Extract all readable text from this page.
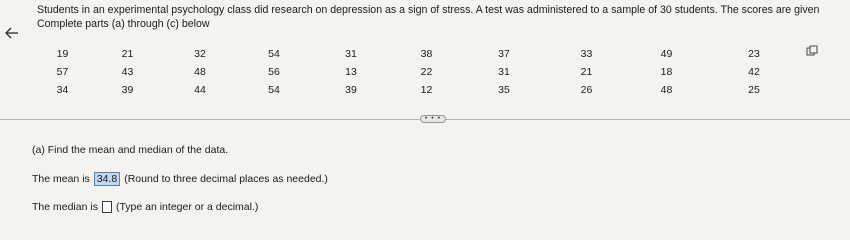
Students in an experimental psychology class did research on depression as a sign of stress. A test was administered to a sample of 30 students. The scores are given
Complete parts (a) through (c) below
19	21	32	54	31	38	37	33	49	23
57	43	48	56	13	22	31	21	18	42
34	39	44	54	39	12	35	26	48	25
• • •
(a) Find the mean and median of the data.
The mean is 34.8 (Round to three decimal places as needed.)
The median is (Type an integer or a decimal.)
